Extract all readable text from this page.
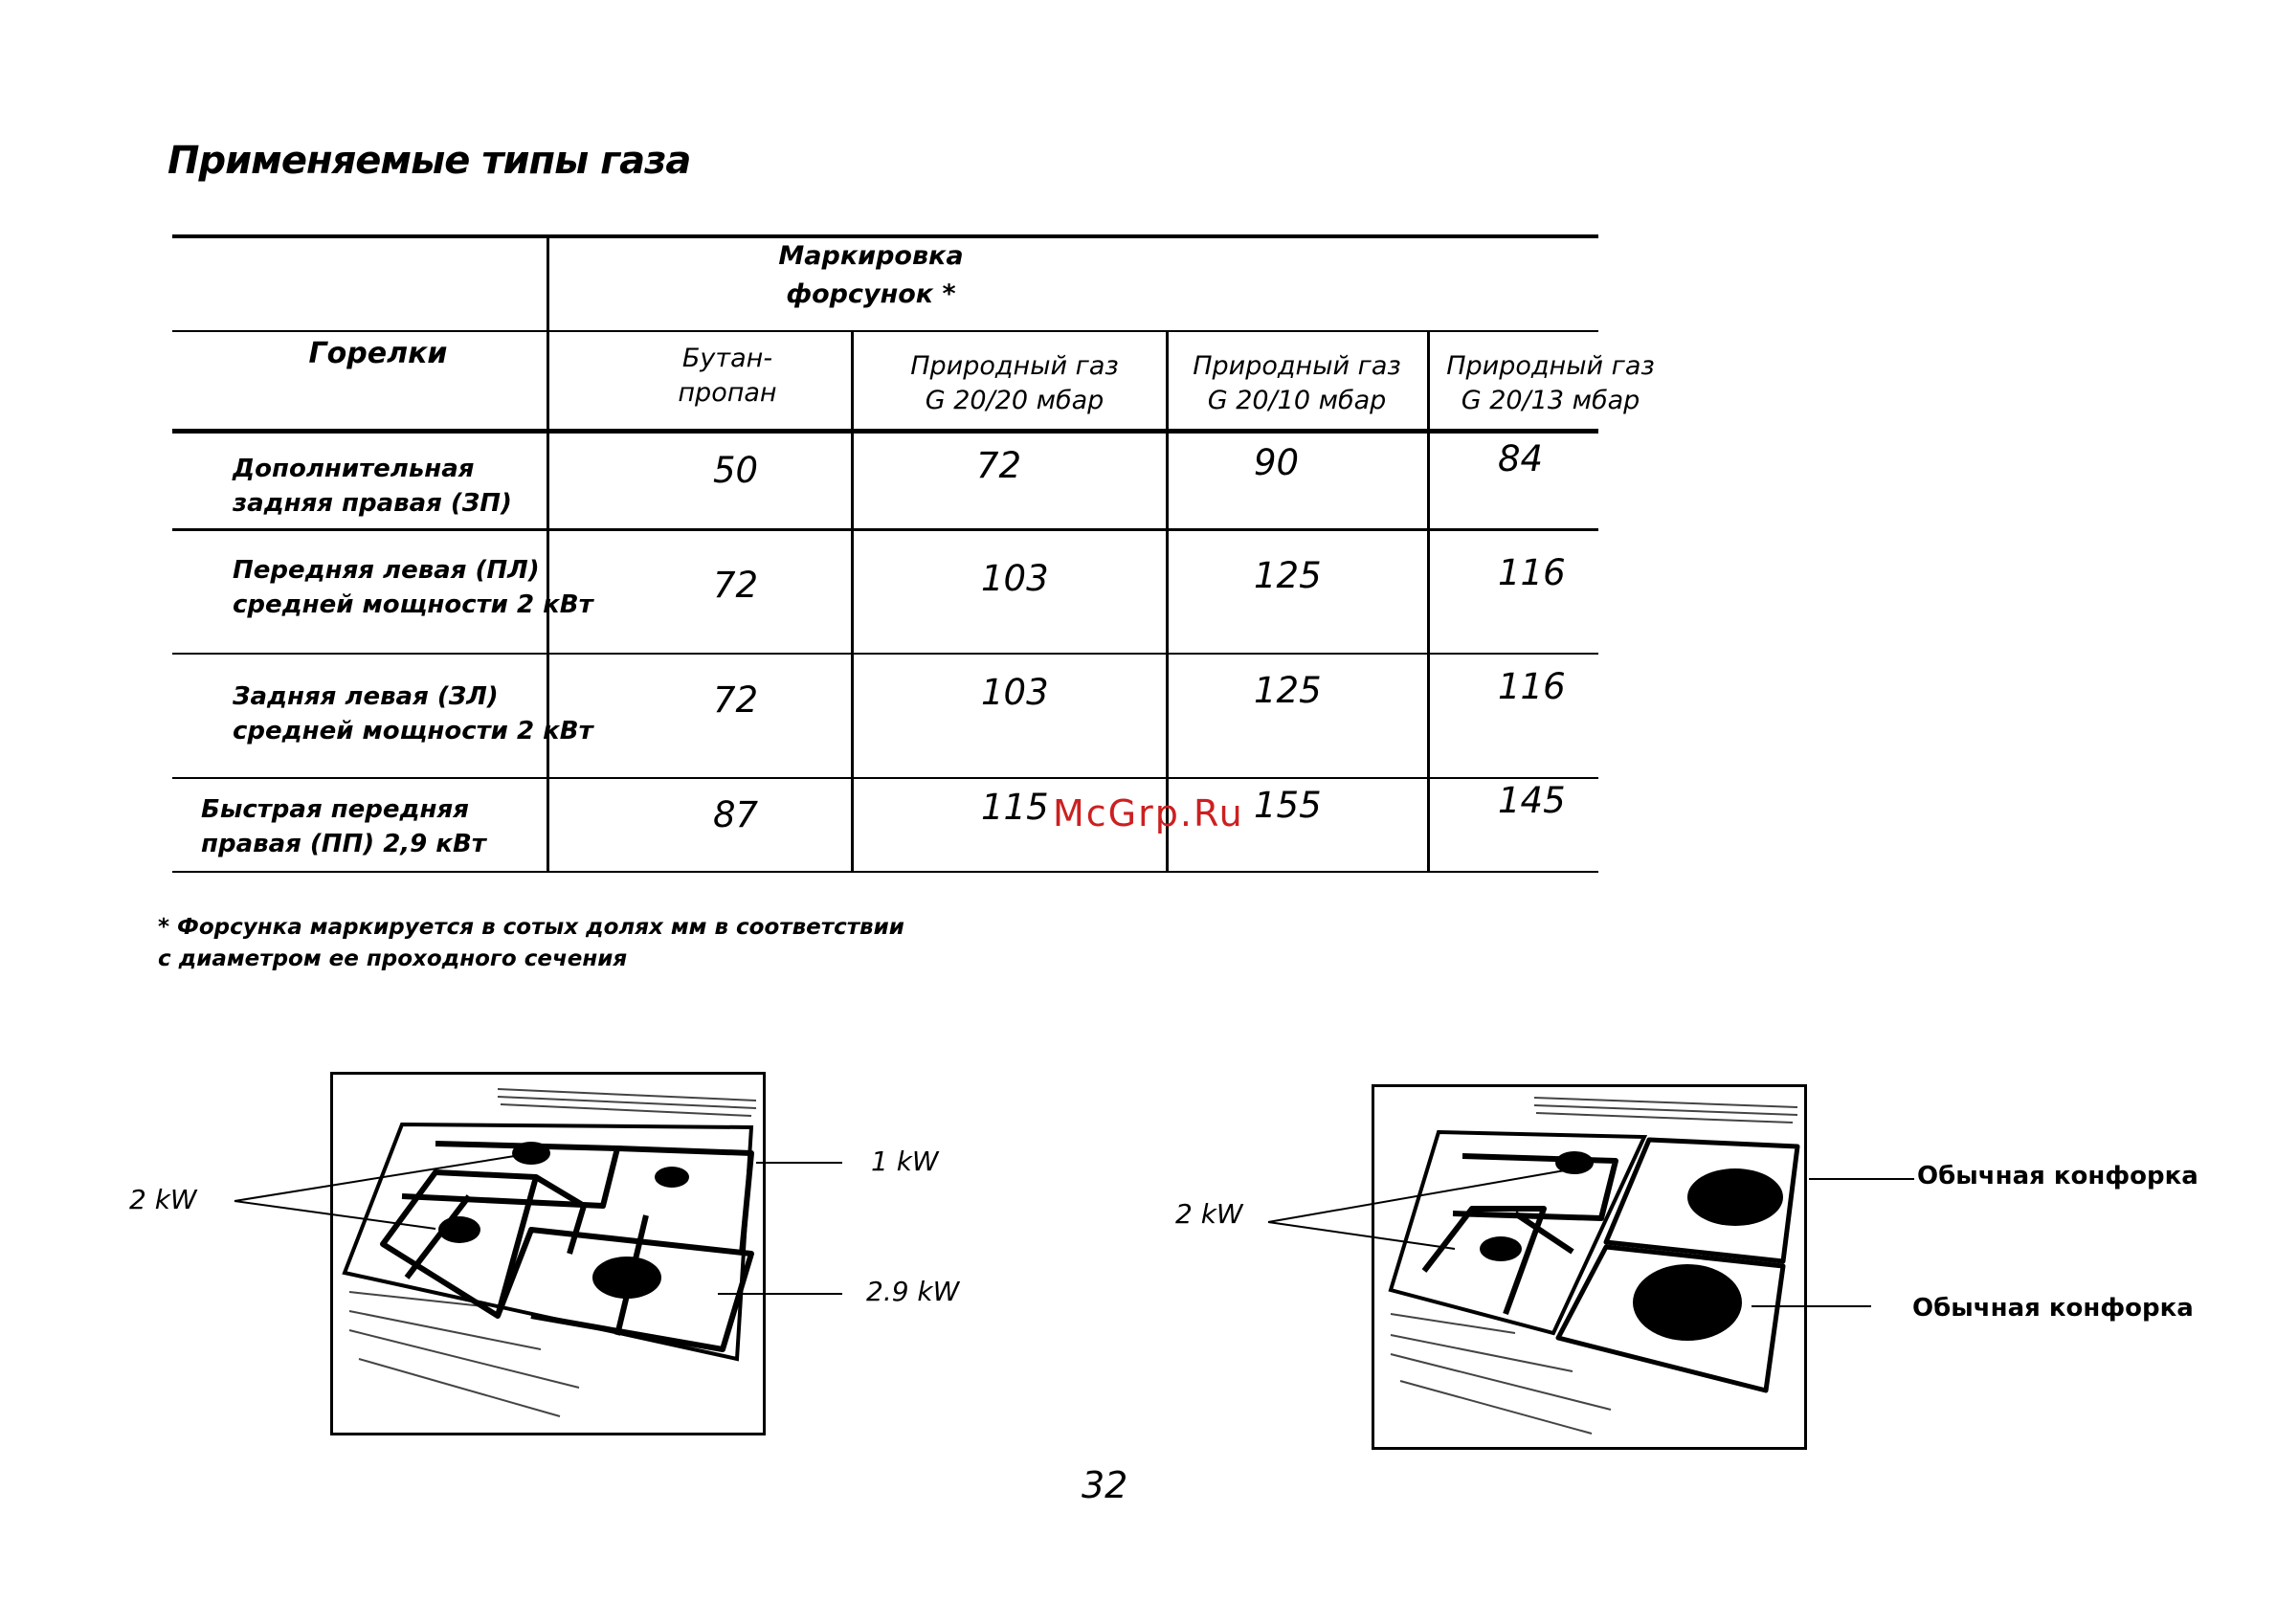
Применяемые типы газа
Маркировка
форсунок *
Горелки	Бутан-
пропан
Природный газ
G 20/20 мбар
Природный газ
G 20/10 мбар
Природный газ
G 20/13 мбар
Дополнительная
задняя правая (ЗП)
50	72	90	84
Передняя левая (ПЛ)
средней мощности 2 кВт	72	103	125	116
Задняя левая (ЗЛ)
средней мощности 2 кВт
72	103	125	116
Быстрая передняя
правая (ПП) 2,9 кВт
87	115	155	145
McGrp.Ru
* Форсунка маркируется в сотых долях мм в соответствии
с диаметром ее проходного сечения
2 kW
1 kW
2.9 kW
2 kW
Обычная конфорка
Обычная конфорка
32
